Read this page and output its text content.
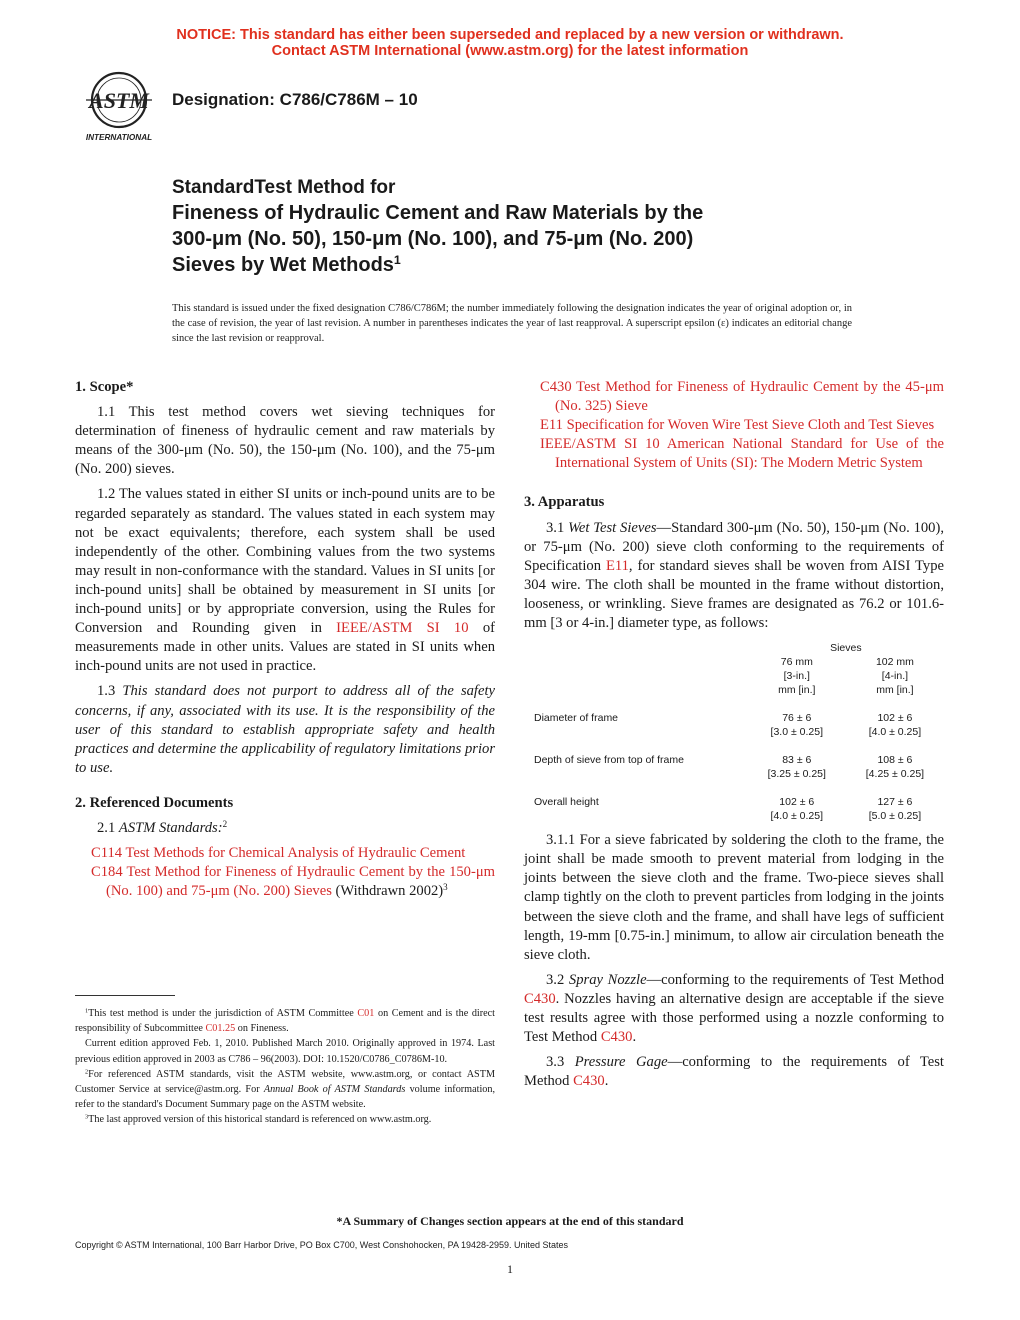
NOTICE: This standard has either been superseded and replaced by a new version or withdrawn.
Contact ASTM International (www.astm.org) for the latest information
ASTM
INTERNATIONAL
Designation: C786/C786M – 10
StandardTest Method for
Fineness of Hydraulic Cement and Raw Materials by the
300-μm (No. 50), 150-μm (No. 100), and 75-μm (No. 200)
Sieves by Wet Methods$^1$
This standard is issued under the fixed designation C786/C786M; the number immediately following the designation indicates the year of original adoption or, in the case of revision, the year of last revision. A number in parentheses indicates the year of last reapproval. A superscript epsilon (ε) indicates an editorial change since the last revision or reapproval.
1. Scope*

1.1 This test method covers wet sieving techniques for determination of fineness of hydraulic cement and raw materials by means of the 300-μm (No. 50), the 150-μm (No. 100), and the 75-μm (No. 200) sieves.

1.2 The values stated in either SI units or inch-pound units are to be regarded separately as standard. The values stated in each system may not be exact equivalents; therefore, each system shall be used independently of the other. Combining values from the two systems may result in non-conformance with the standard. Values in SI units [or inch-pound units] shall be obtained by measurement in SI units [or inch-pound units] or by appropriate conversion, using the Rules for Conversion and Rounding given in IEEE/ASTM SI 10 of measurements made in other units. Values are stated in SI units when inch-pound units are not used in practice.

1.3 This standard does not purport to address all of the safety concerns, if any, associated with its use. It is the responsibility of the user of this standard to establish appropriate safety and health practices and determine the applicability of regulatory limitations prior to use.

2. Referenced Documents

2.1 ASTM Standards:$^2$

C114 Test Methods for Chemical Analysis of Hydraulic Cement
C184 Test Method for Fineness of Hydraulic Cement by the 150-μm (No. 100) and 75-μm (No. 200) Sieves (Withdrawn 2002)$^3$
C430 Test Method for Fineness of Hydraulic Cement by the 45-μm (No. 325) Sieve
E11 Specification for Woven Wire Test Sieve Cloth and Test Sieves
IEEE/ASTM SI 10 American National Standard for Use of the International System of Units (SI): The Modern Metric System
3. Apparatus

3.1 Wet Test Sieves—Standard 300-μm (No. 50), 150-μm (No. 100), or 75-μm (No. 200) sieve cloth conforming to the requirements of Specification E11, for standard sieves shall be woven from AISI Type 304 wire. The cloth shall be mounted in the frame without distortion, looseness, or wrinkling. Sieve frames are designated as 76.2 or 101.6-mm [3 or 4-in.] diameter type, as follows:

	Sieves	
	76 mm	102 mm
	[3-in.]	[4-in.]
	mm [in.]	mm [in.]

Diameter of frame	76 ± 6	102 ± 6
	[3.0 ± 0.25]	[4.0 ± 0.25]

Depth of sieve from top of frame	83 ± 6	108 ± 6
	[3.25 ± 0.25]	[4.25 ± 0.25]

Overall height	102 ± 6	127 ± 6
	[4.0 ± 0.25]	[5.0 ± 0.25]

3.1.1 For a sieve fabricated by soldering the cloth to the frame, the joint shall be made smooth to prevent material from lodging in the joints between the sieve cloth and the frame. Two-piece sieves shall clamp tightly on the cloth to prevent particles from lodging in the joints between the sieve cloth and the frame, and shall have legs of sufficient length, 19-mm [0.75-in.] minimum, to allow air circulation beneath the sieve cloth.

3.2 Spray Nozzle—conforming to the requirements of Test Method C430. Nozzles having an alternative design are acceptable if the sieve test results agree with those performed using a nozzle conforming to Test Method C430.

3.3 Pressure Gage—conforming to the requirements of Test Method C430.

$^1$This test method is under the jurisdiction of ASTM Committee C01 on Cement and is the direct responsibility of Subcommittee C01.25 on Fineness.

Current edition approved Feb. 1, 2010. Published March 2010. Originally approved in 1974. Last previous edition approved in 2003 as C786 – 96(2003). DOI: 10.1520/C0786_C0786M-10.

$^2$For referenced ASTM standards, visit the ASTM website, www.astm.org, or contact ASTM Customer Service at service@astm.org. For Annual Book of ASTM Standards volume information, refer to the standard's Document Summary page on the ASTM website.

$^3$The last approved version of this historical standard is referenced on www.astm.org.

*A Summary of Changes section appears at the end of this standard
Copyright © ASTM International, 100 Barr Harbor Drive, PO Box C700, West Conshohocken, PA 19428-2959. United States
1
